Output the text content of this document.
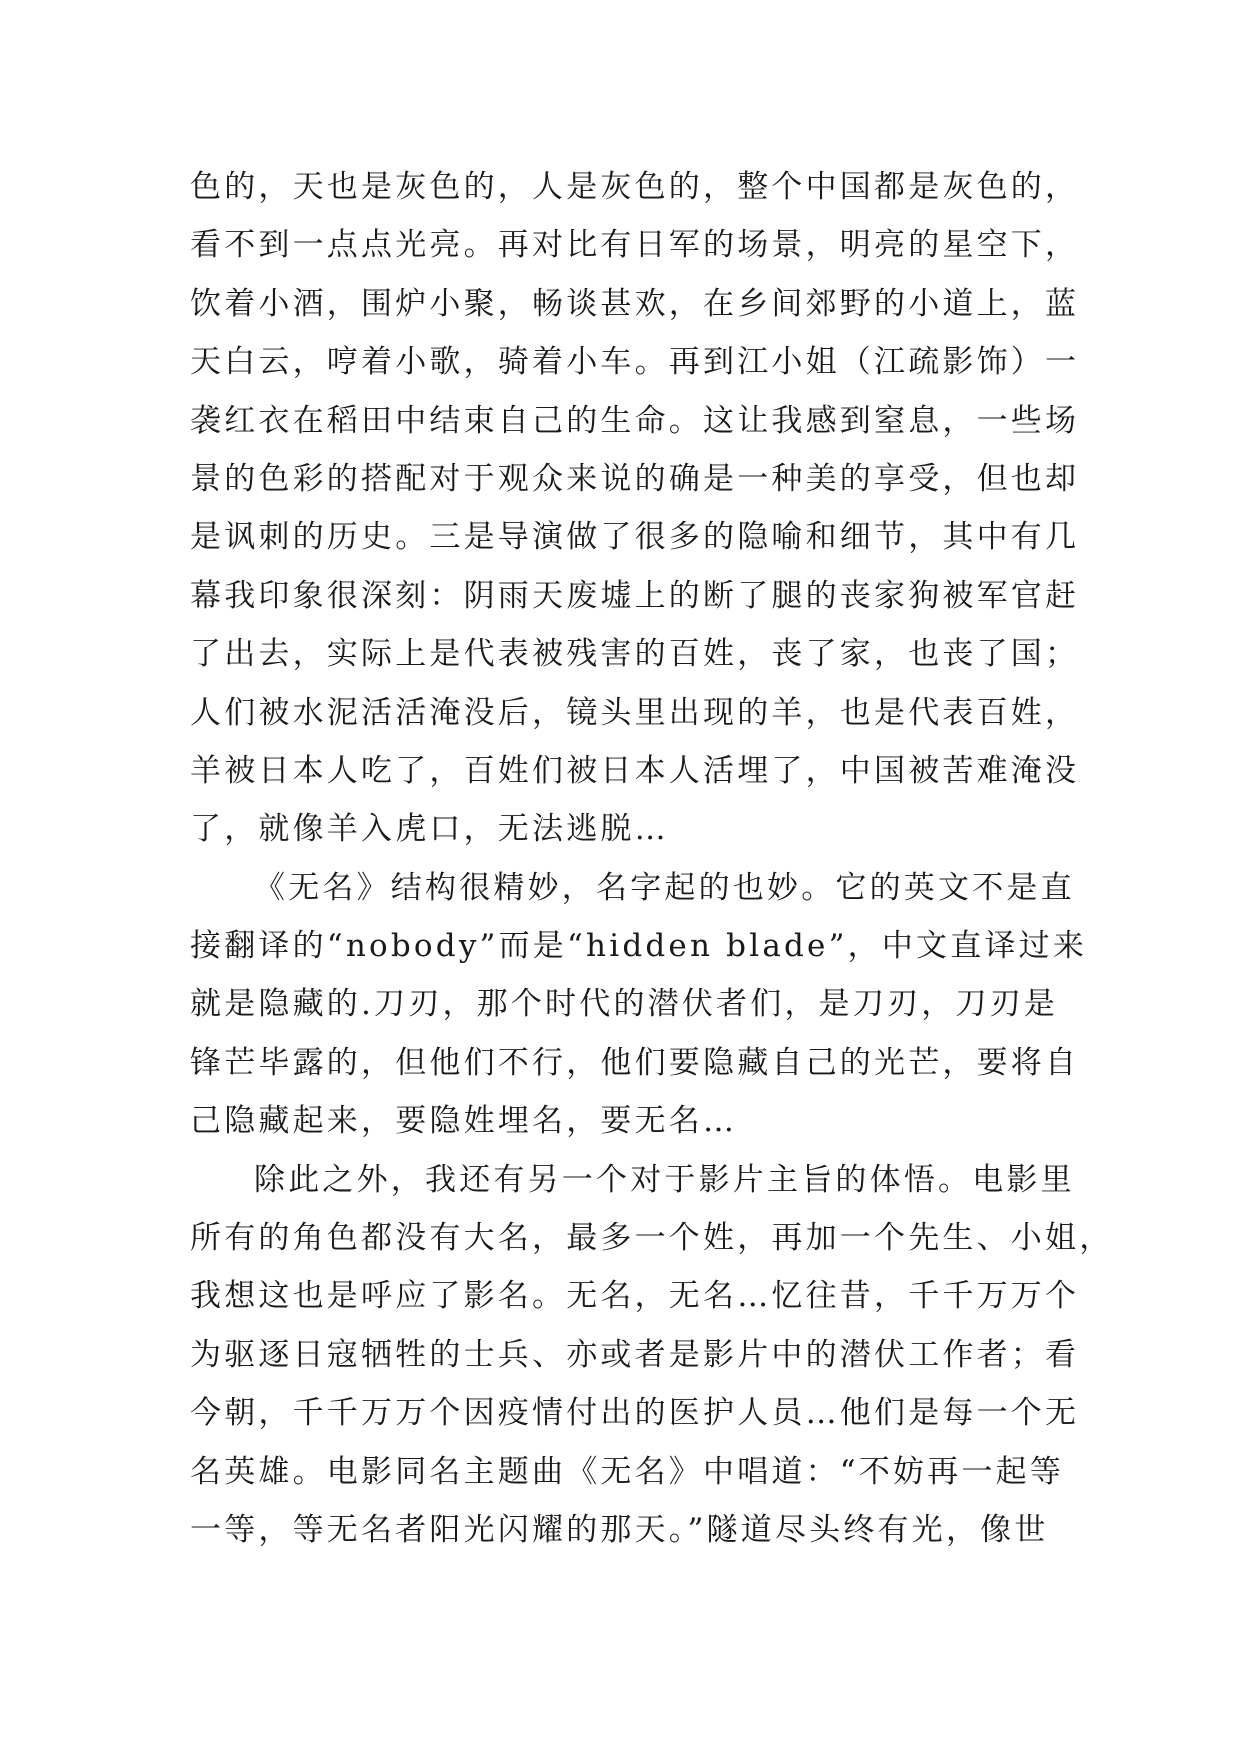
色的，天也是灰色的，人是灰色的，整个中国都是灰色的，
看不到一点点光亮。再对比有日军的场景，明亮的星空下，
饮着小酒，围炉小聚，畅谈甚欢，在乡间郊野的小道上，蓝
天白云，哼着小歌，骑着小车。再到江小姐（江疏影饰）一
袭红衣在稻田中结束自己的生命。这让我感到窒息，一些场
景的色彩的搭配对于观众来说的确是一种美的享受，但也却
是讽刺的历史。三是导演做了很多的隐喻和细节，其中有几
幕我印象很深刻：阴雨天废墟上的断了腿的丧家狗被军官赶
了出去，实际上是代表被残害的百姓，丧了家，也丧了国；
人们被水泥活活淹没后，镜头里出现的羊，也是代表百姓，
羊被日本人吃了，百姓们被日本人活埋了，中国被苦难淹没
了，就像羊入虎口，无法逃脱…
《无名》结构很精妙，名字起的也妙。它的英文不是直
接翻译的“nobody”而是“hidden blade”，中文直译过来
就是隐藏的.刀刃，那个时代的潜伏者们，是刀刃，刀刃是
锋芒毕露的，但他们不行，他们要隐藏自己的光芒，要将自
己隐藏起来，要隐姓埋名，要无名…
除此之外，我还有另一个对于影片主旨的体悟。电影里
所有的角色都没有大名，最多一个姓，再加一个先生、小姐，
我想这也是呼应了影名。无名，无名…忆往昔，千千万万个
为驱逐日寇牺牲的士兵、亦或者是影片中的潜伏工作者；看
今朝，千千万万个因疫情付出的医护人员…他们是每一个无
名英雄。电影同名主题曲《无名》中唱道：“不妨再一起等
一等，等无名者阳光闪耀的那天。”隧道尽头终有光，像世
